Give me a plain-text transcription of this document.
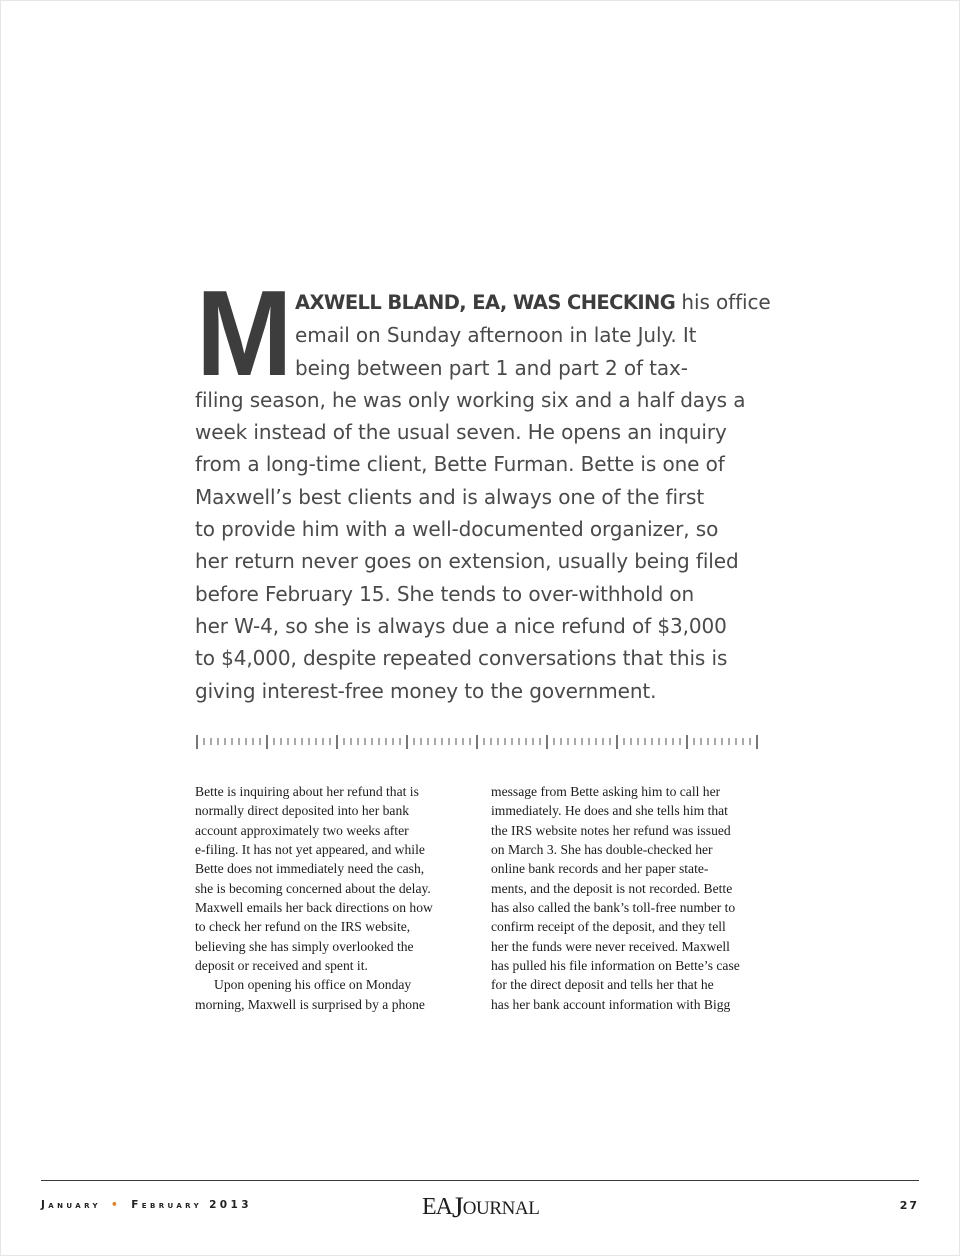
M AXWELL BLAND, EA, WAS CHECKING his office
email on Sunday afternoon in late July. It
being between part 1 and part 2 of tax-
filing season, he was only working six and a half days a
week instead of the usual seven. He opens an inquiry
from a long-time client, Bette Furman. Bette is one of
Maxwell’s best clients and is always one of the first
to provide him with a well-documented organizer, so
her return never goes on extension, usually being filed
before February 15. She tends to over-withhold on
her W-4, so she is always due a nice refund of $3,000
to $4,000, despite repeated conversations that this is
giving interest-free money to the government.
Bette is inquiring about her refund that is
normally direct deposited into her bank
account approximately two weeks after
e-filing. It has not yet appeared, and while
Bette does not immediately need the cash,
she is becoming concerned about the delay.
Maxwell emails her back directions on how
to check her refund on the IRS website,
believing she has simply overlooked the
deposit or received and spent it.
Upon opening his office on Monday
morning, Maxwell is surprised by a phone
message from Bette asking him to call her
immediately. He does and she tells him that
the IRS website notes her refund was issued
on March 3. She has double-checked her
online bank records and her paper state-
ments, and the deposit is not recorded. Bette
has also called the bank’s toll-free number to
confirm receipt of the deposit, and they tell
her the funds were never received. Maxwell
has pulled his file information on Bette’s case
for the direct deposit and tells her that he
has her bank account information with Bigg
January • February 2013	EAJOURNAL	27
